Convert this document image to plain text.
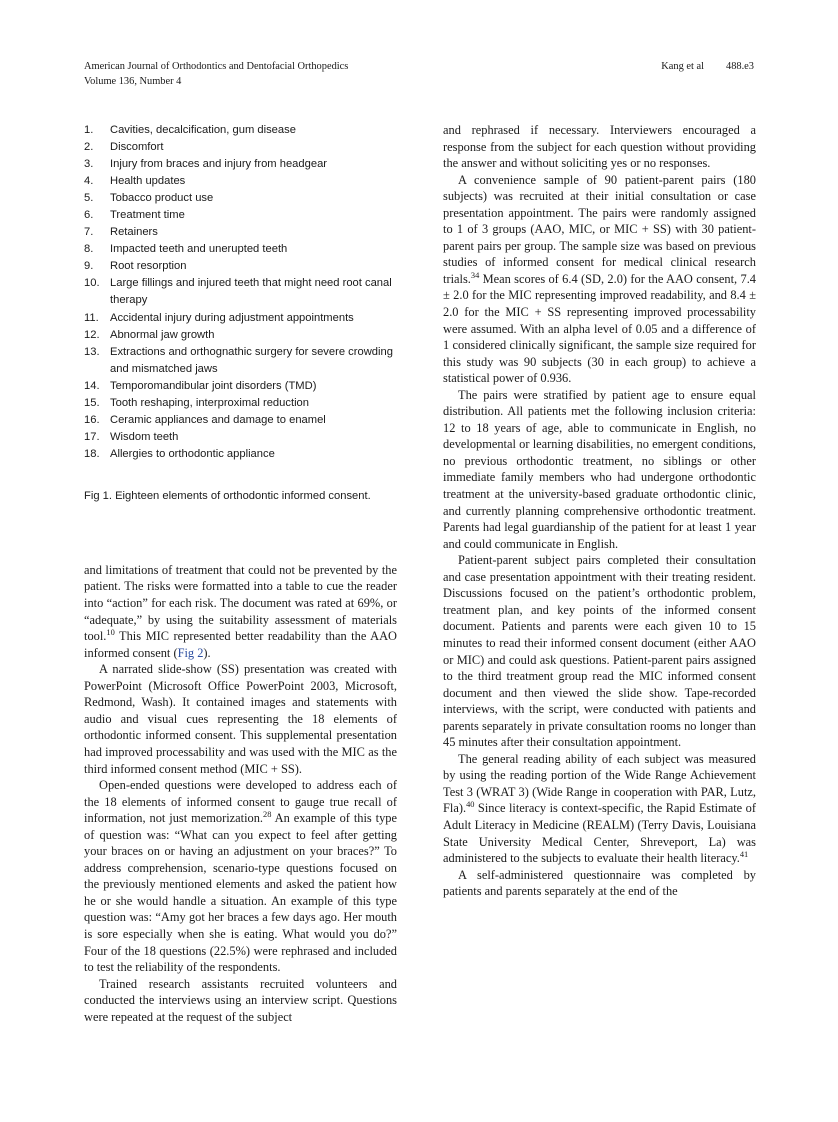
American Journal of Orthodontics and Dentofacial Orthopedics
Volume 136, Number 4
Kang et al 488.e3
1.	Cavities, decalcification, gum disease
2.	Discomfort
3.	Injury from braces and injury from headgear
4.	Health updates
5.	Tobacco product use
6.	Treatment time
7.	Retainers
8.	Impacted teeth and unerupted teeth
9.	Root resorption
10. Large fillings and injured teeth that might need root canal therapy
11.	Accidental injury during adjustment appointments
12. Abnormal jaw growth
13. Extractions and orthognathic surgery for severe crowding and mismatched jaws
14. Temporomandibular joint disorders (TMD)
15. Tooth reshaping, interproximal reduction
16. Ceramic appliances and damage to enamel
17. Wisdom teeth
18. Allergies to orthodontic appliance
Fig 1. Eighteen elements of orthodontic informed consent.

and limitations of treatment that could not be prevented by the patient. The risks were formatted into a table to cue the reader into “action” for each risk. The document was rated at 69%, or “adequate,” by using the suitability assessment of materials tool.$^{10}$ This MIC represented better readability than the AAO informed consent (Fig 2).

A narrated slide-show (SS) presentation was created with PowerPoint (Microsoft Office PowerPoint 2003, Microsoft, Redmond, Wash). It contained images and statements with audio and visual cues representing the 18 elements of orthodontic informed consent. This supplemental presentation had improved processability and was used with the MIC as the third informed consent method (MIC + SS).

Open-ended questions were developed to address each of the 18 elements of informed consent to gauge true recall of information, not just memorization.$^{28}$ An example of this type of question was: “What can you expect to feel after getting your braces on or having an adjustment on your braces?” To address comprehension, scenario-type questions focused on the previously mentioned elements and asked the patient how he or she would handle a situation. An example of this type question was: “Amy got her braces a few days ago. Her mouth is sore especially when she is eating. What would you do?” Four of the 18 questions (22.5%) were rephrased and included to test the reliability of the respondents.

Trained research assistants recruited volunteers and conducted the interviews using an interview script. Questions were repeated at the request of the subject

and rephrased if necessary. Interviewers encouraged a response from the subject for each question without providing the answer and without soliciting yes or no responses.

A convenience sample of 90 patient-parent pairs (180 subjects) was recruited at their initial consultation or case presentation appointment. The pairs were randomly assigned to 1 of 3 groups (AAO, MIC, or MIC + SS) with 30 patient-parent pairs per group. The sample size was based on previous studies of informed consent for medical clinical research trials.$^{34}$ Mean scores of 6.4 (SD, 2.0) for the AAO consent, 7.4 ± 2.0 for the MIC representing improved readability, and 8.4 ± 2.0 for the MIC + SS representing improved processability were assumed. With an alpha level of 0.05 and a difference of 1 considered clinically significant, the sample size required for this study was 90 subjects (30 in each group) to achieve a statistical power of 0.936.

The pairs were stratified by patient age to ensure equal distribution. All patients met the following inclusion criteria: 12 to 18 years of age, able to communicate in English, no developmental or learning disabilities, no emergent conditions, no previous orthodontic treatment, no siblings or other immediate family members who had undergone orthodontic treatment at the university-based graduate orthodontic clinic, and currently planning comprehensive orthodontic treatment. Parents had legal guardianship of the patient for at least 1 year and could communicate in English.

Patient-parent subject pairs completed their consultation and case presentation appointment with their treating resident. Discussions focused on the patient’s orthodontic problem, treatment plan, and key points of the informed consent document. Patients and parents were each given 10 to 15 minutes to read their informed consent document (either AAO or MIC) and could ask questions. Patient-parent pairs assigned to the third treatment group read the MIC informed consent document and then viewed the slide show. Tape-recorded interviews, with the script, were conducted with patients and parents separately in private consultation rooms no longer than 45 minutes after their consultation appointment.

The general reading ability of each subject was measured by using the reading portion of the Wide Range Achievement Test 3 (WRAT 3) (Wide Range in cooperation with PAR, Lutz, Fla).$^{40}$ Since literacy is context-specific, the Rapid Estimate of Adult Literacy in Medicine (REALM) (Terry Davis, Louisiana State University Medical Center, Shreveport, La) was administered to the subjects to evaluate their health literacy.$^{41}$

A self-administered questionnaire was completed by patients and parents separately at the end of the
